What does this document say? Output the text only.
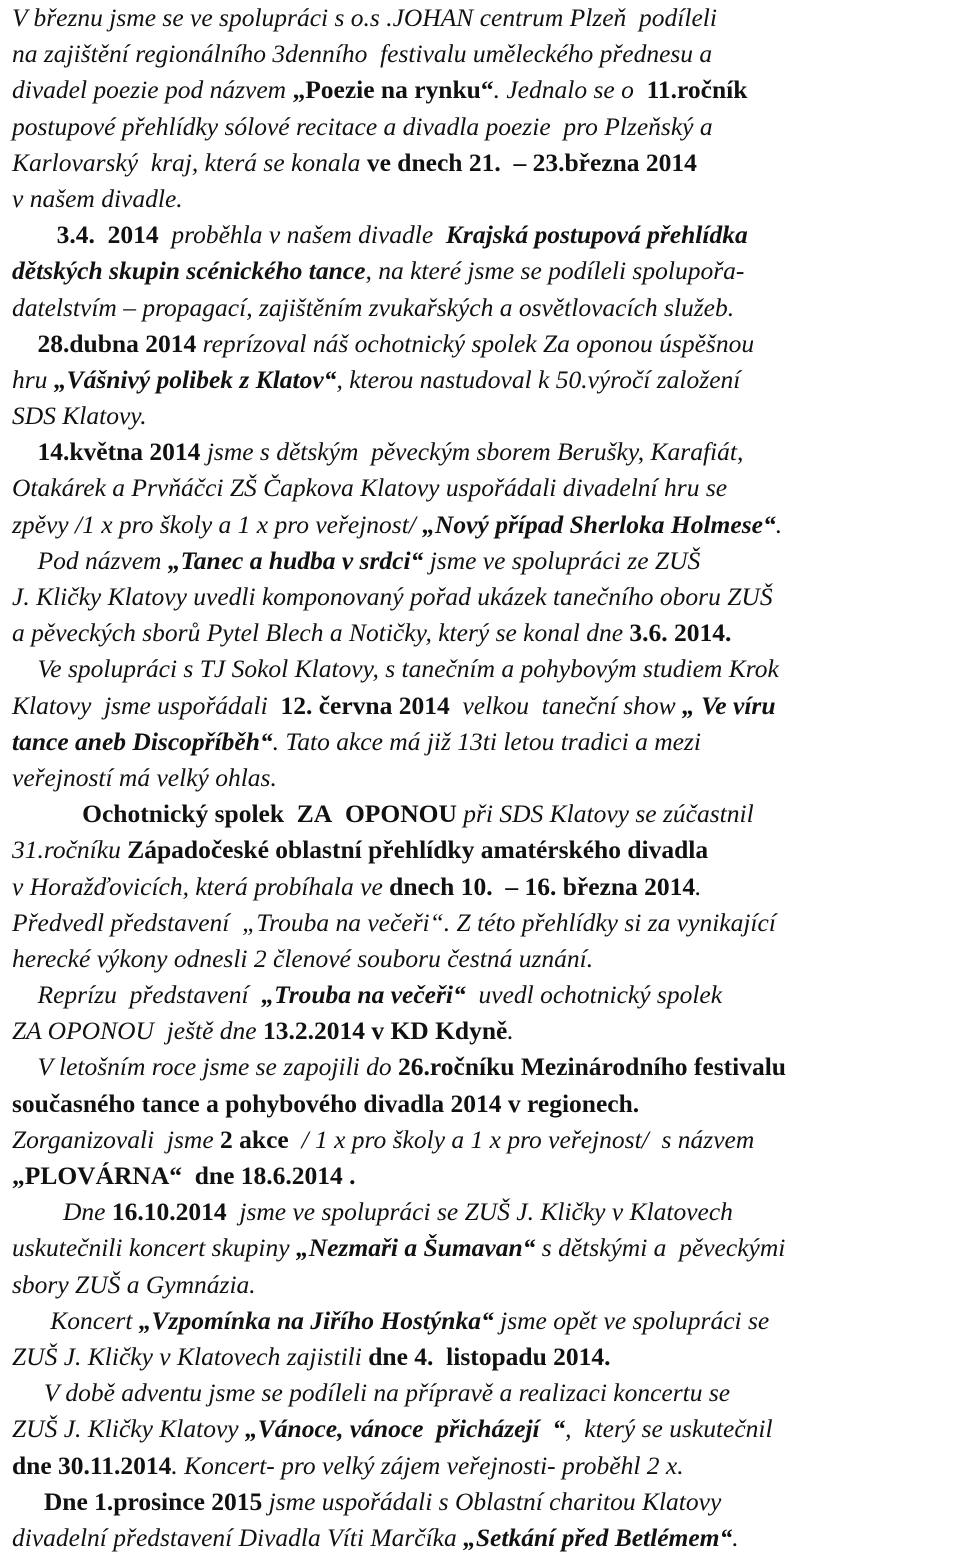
V březnu jsme se ve spolupráci s o.s .JOHAN centrum Plzeň  podíleli
na zajištění regionálního 3denního  festivalu uměleckého přednesu a
divadel poezie pod názvem „Poezie na rynku“. Jednalo se o  11.ročník
postupové přehlídky sólové recitace a divadla poezie  pro Plzeňský a
Karlovarský  kraj, která se konala ve dnech 21.  – 23.března 2014
v našem divadle.
3.4.  2014  proběhla v našem divadle  Krajská postupová přehlídka
dětských skupin scénického tance, na které jsme se podíleli spolupořa-
datelstvím – propagací, zajištěním zvukařských a osvětlovacích služeb.
28.dubna 2014 reprízoval náš ochotnický spolek Za oponou úspěšnou
hru „Vášnivý polibek z Klatov“, kterou nastudoval k 50.výročí založení
SDS Klatovy.
14.května 2014 jsme s dětským  pěveckým sborem Berušky, Karafiát,
Otakárek a Prvňáčci ZŠ Čapkova Klatovy uspořádali divadelní hru se
zpěvy /1 x pro školy a 1 x pro veřejnost/ „Nový případ Sherloka Holmese“.
Pod názvem „Tanec a hudba v srdci“ jsme ve spolupráci ze ZUŠ
J. Kličky Klatovy uvedli komponovaný pořad ukázek tanečního oboru ZUŠ
a pěveckých sborů Pytel Blech a Notičky, který se konal dne 3.6. 2014.
Ve spolupráci s TJ Sokol Klatovy, s tanečním a pohybovým studiem Krok
Klatovy  jsme uspořádali  12. června 2014  velkou  taneční show „ Ve víru
tance aneb Discopříběh“. Tato akce má již 13ti letou tradici a mezi
veřejností má velký ohlas.
Ochotnický spolek  ZA  OPONOU při SDS Klatovy se zúčastnil
31.ročníku Západočeské oblastní přehlídky amatérského divadla
v Horažďovicích, která probíhala ve dnech 10.  – 16. března 2014.
Předvedl představení  „Trouba na večeři“. Z této přehlídky si za vynikající
herecké výkony odnesli 2 členové souboru čestná uznání.
Reprízu  představení  „Trouba na večeři“  uvedl ochotnický spolek
ZA OPONOU  ještě dne 13.2.2014 v KD Kdyně.
V letošním roce jsme se zapojili do 26.ročníku Mezinárodního festivalu
současného tance a pohybového divadla 2014 v regionech.
Zorganizovali  jsme 2 akce  / 1 x pro školy a 1 x pro veřejnost/  s názvem
„PLOVÁRNA“  dne 18.6.2014 .
Dne 16.10.2014  jsme ve spolupráci se ZUŠ J. Kličky v Klatovech
uskutečnili koncert skupiny „Nezmaři a Šumavan“ s dětskými a  pěveckými
sbory ZUŠ a Gymnázia.
Koncert „Vzpomínka na Jiřího Hostýnka“ jsme opět ve spolupráci se
ZUŠ J. Kličky v Klatovech zajistili dne 4.  listopadu 2014.
V době adventu jsme se podíleli na přípravě a realizaci koncertu se
ZUŠ J. Kličky Klatovy „Vánoce, vánoce  přicházejí  “,  který se uskutečnil
dne 30.11.2014. Koncert- pro velký zájem veřejnosti- proběhl 2 x.
Dne 1.prosince 2015 jsme uspořádali s Oblastní charitou Klatovy
divadelní představení Divadla Víti Marčíka „Setkání před Betlémem“.
